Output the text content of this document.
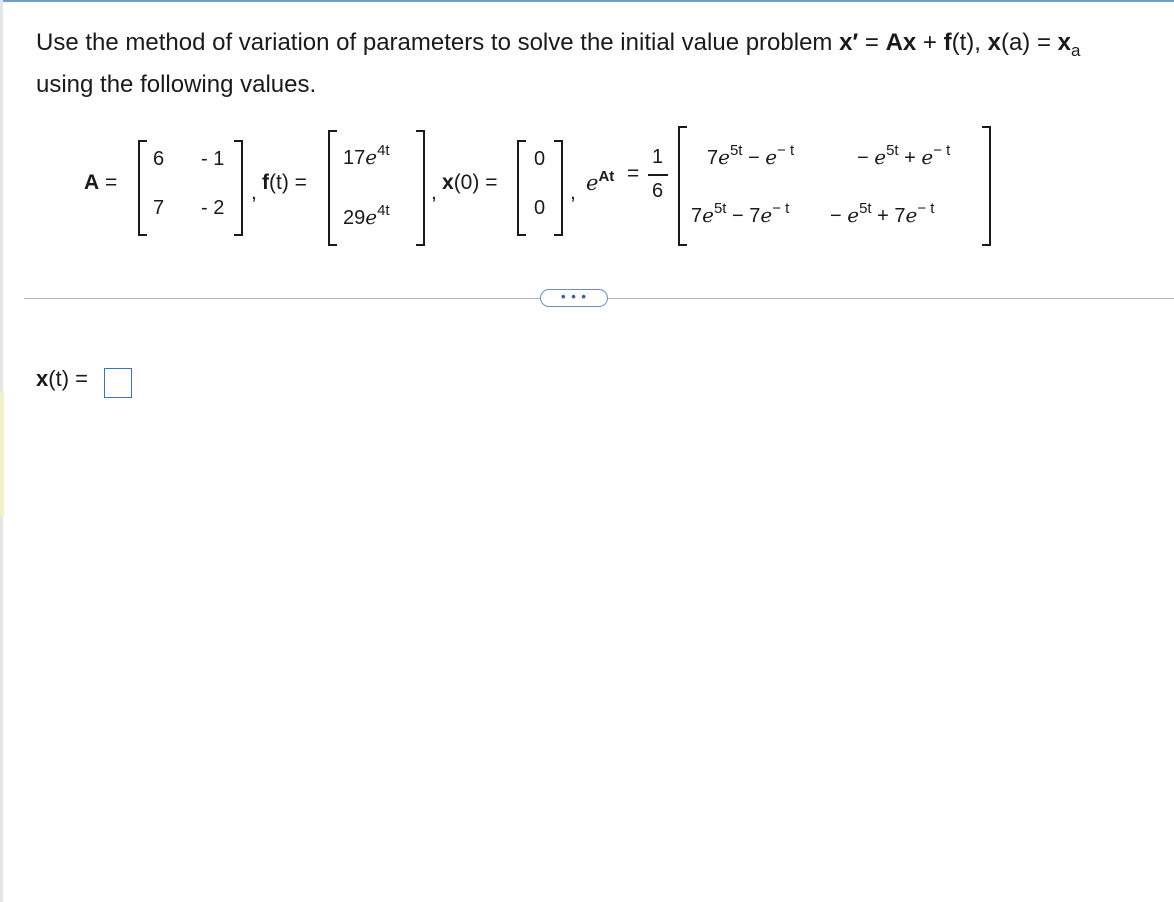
Use the method of variation of parameters to solve the initial value problem x′ = Ax + f(t), $x(a) = x_a$
using the following values.
A =
6 - 1
7 - 2
, f(t) =
$17e^{4t}$
$29e^{4t}$
, x(0) =
0
0
, $e^{At}$ =
1
6
$7e^{5t} - e^{- t}$	− $e^{5t} + e^{- t}$
$7e^{5t} - 7e^{- t} - e^{5t} + 7e^{- t}$
• • •
x(t) =
